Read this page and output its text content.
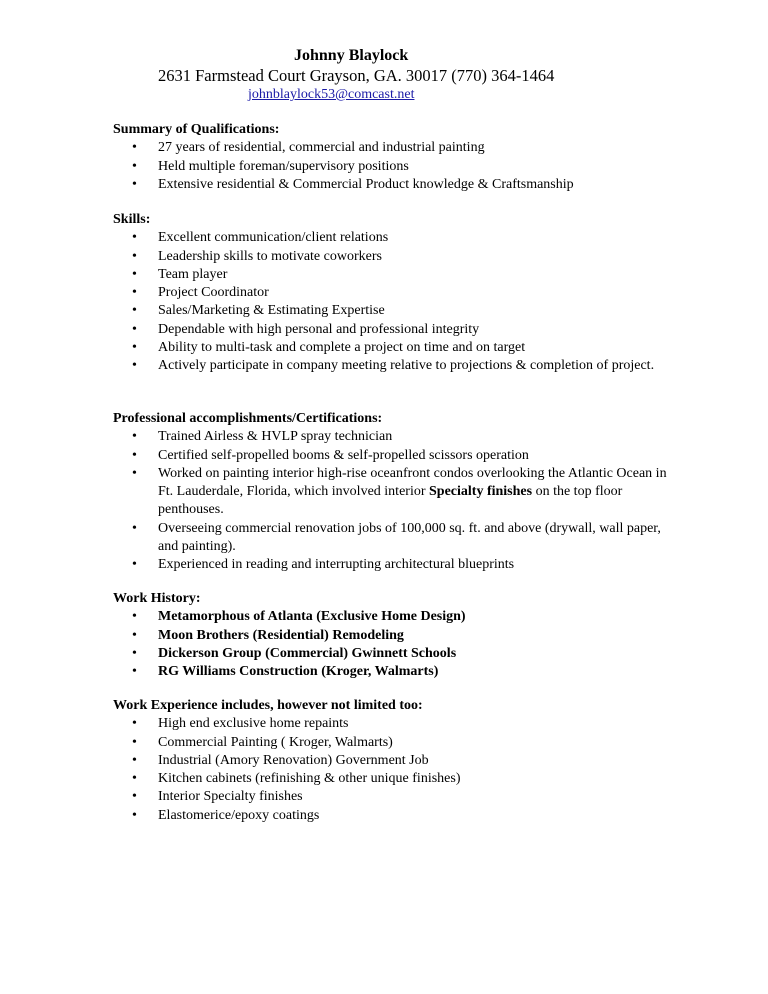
Johnny Blaylock
2631 Farmstead Court Grayson, GA. 30017 (770) 364-1464
johnblaylock53@comcast.net
Summary of Qualifications:
• 27 years of residential, commercial and industrial painting
• Held multiple foreman/supervisory positions
• Extensive residential & Commercial Product knowledge & Craftsmanship
Skills:
• Excellent communication/client relations
• Leadership skills to motivate coworkers
• Team player
• Project Coordinator
• Sales/Marketing & Estimating Expertise
• Dependable with high personal and professional integrity
• Ability to multi-task and complete a project on time and on target
• Actively participate in company meeting relative to projections & completion of project.
Professional accomplishments/Certifications:
• Trained Airless & HVLP spray technician
• Certified self-propelled booms & self-propelled scissors operation
• Worked on painting interior high-rise oceanfront condos overlooking the Atlantic Ocean in Ft. Lauderdale, Florida, which involved interior Specialty finishes on the top floor penthouses.
• Overseeing commercial renovation jobs of 100,000 sq. ft. and above (drywall, wall paper, and painting).
• Experienced in reading and interrupting architectural blueprints
Work History:
• Metamorphous of Atlanta (Exclusive Home Design)
• Moon Brothers (Residential) Remodeling
• Dickerson Group (Commercial) Gwinnett Schools
• RG Williams Construction (Kroger, Walmarts)
Work Experience includes, however not limited too:
• High end exclusive home repaints
• Commercial Painting ( Kroger, Walmarts)
• Industrial (Amory Renovation) Government Job
• Kitchen cabinets (refinishing & other unique finishes)
• Interior Specialty finishes
• Elastomerice/epoxy coatings
